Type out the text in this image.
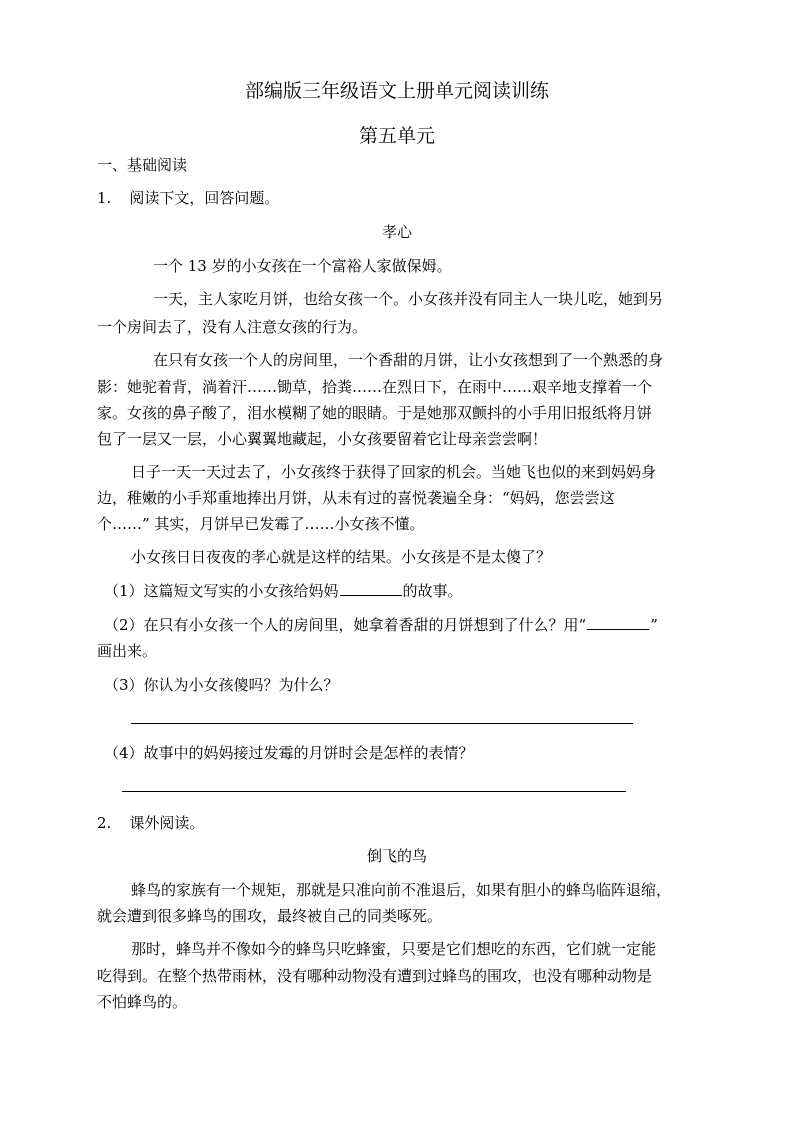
部编版三年级语文上册单元阅读训练
第五单元
一、基础阅读
1. 阅读下文，回答问题。
孝心
一个 13 岁的小女孩在一个富裕人家做保姆。
一天，主人家吃月饼，也给女孩一个。小女孩并没有同主人一块儿吃，她到另
一个房间去了，没有人注意女孩的行为。
在只有女孩一个人的房间里，一个香甜的月饼，让小女孩想到了一个熟悉的身
影：她驼着背，淌着汗……锄草，拾粪……在烈日下，在雨中……艰辛地支撑着一个
家。女孩的鼻子酸了，泪水模糊了她的眼睛。于是她那双颤抖的小手用旧报纸将月饼
包了一层又一层，小心翼翼地藏起，小女孩要留着它让母亲尝尝啊！
日子一天一天过去了，小女孩终于获得了回家的机会。当她飞也似的来到妈妈身
边，稚嫩的小手郑重地捧出月饼，从未有过的喜悦袭遍全身：“妈妈，您尝尝这
个……” 其实，月饼早已发霉了……小女孩不懂。
小女孩日日夜夜的孝心就是这样的结果。小女孩是不是太傻了？
（1）这篇短文写实的小女孩给妈妈	的故事。
（2）在只有小女孩一个人的房间里，她拿着香甜的月饼想到了什么？用“	”
画出来。
（3）你认为小女孩傻吗？为什么？
（4）故事中的妈妈接过发霉的月饼时会是怎样的表情？
2. 课外阅读。
倒飞的鸟
蜂鸟的家族有一个规矩，那就是只准向前不准退后，如果有胆小的蜂鸟临阵退缩，
就会遭到很多蜂鸟的围攻，最终被自己的同类啄死。
那时，蜂鸟并不像如今的蜂鸟只吃蜂蜜，只要是它们想吃的东西，它们就一定能
吃得到。在整个热带雨林，没有哪种动物没有遭到过蜂鸟的围攻，也没有哪种动物是
不怕蜂鸟的。
